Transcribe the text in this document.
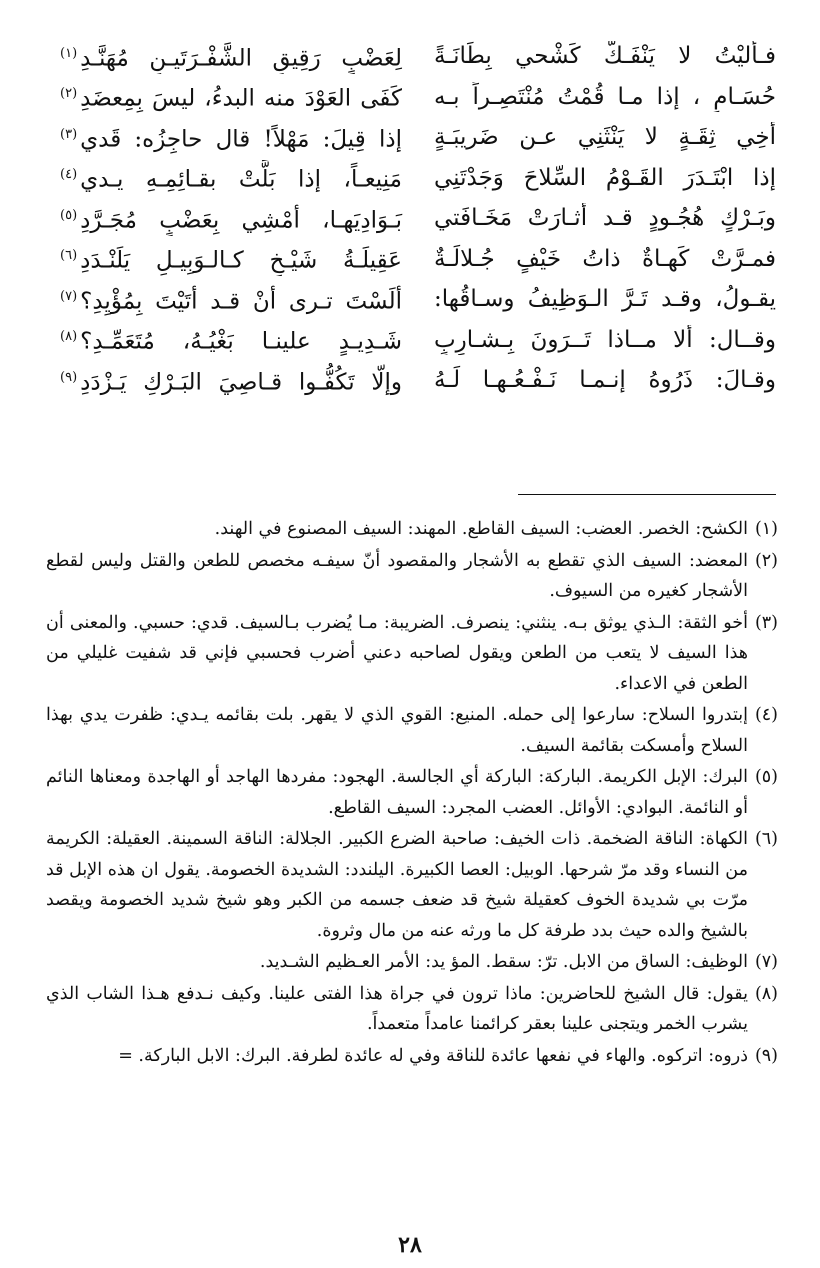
فـأليْتُ لا يَنْفَـكُّ كَشْحي بِطَانَـةً
لِعَضْبٍ رَقِيقِ الشَّفْـرَتَيـنِ مُهَنَّـدِ$^{(١)}$
حُسَـامٍ ، إذا مـا قُمْتُ مُنْتَصِـراً بـه
كَفَى العَوْدَ منه البدءُ، ليسَ بِمِعضَدِ$^{(٢)}$
أخِي ثِقَـةٍ لا يَنْثَنِي عـن ضَريبَـةٍ
إذا قِيلَ: مَهْلاً! قال حاجِزُه: قَدي$^{(٣)}$
إذا ابْتَـدَرَ القَـوْمُ السِّلاحَ وَجَدْتَنِي
مَنِيعـاً، إذا بَلَّتْ بقـائِمِـهِ يـدي$^{(٤)}$
وبَـرْكٍ هُجُـودٍ قـد أثـارَتْ مَخَـافَتي
بَـوَادِيَهـا، أمْشِي بِعَضْبٍ مُجَـرَّدِ$^{(٥)}$
فمـرَّتْ كَهـاةٌ ذاتُ خَيْفٍ جُـلالَـةٌ
عَقِيلَـةُ شَيْـخٍ كـالـوَبِيـلِ يَلَنْـدَدِ$^{(٦)}$
يقـولُ، وقـد تَـرَّ الـوَظِيفُ وسـاقُها:
ألَسْتَ تـرى أنْ قـد أتَيْتَ بِمُؤْيِدِ؟$^{(٧)}$
وقــال: ألا مــاذا تَــرَونَ بِـشـارِبٍ
شَـدِيـدٍ علينـا بَغْيُـهُ، مُتَعَمِّـدِ؟$^{(٨)}$
وقـالَ: ذَرُوهُ إنـمـا نَـفْـعُـهـا لَـهُ
وإلّا تَكُفُّـوا قـاصِيَ البَـرْكِ يَـزْدَدِ$^{(٩)}$

(١)الكشح: الخصر. العضب: السيف القاطع. المهند: السيف المصنوع في الهند.

(٢)المعضد: السيف الذي تقطع به الأشجار والمقصود أنّ سيفـه مخصص للطعن والقتل وليس لقطع الأشجار كغيره من السيوف.

(٣)أخو الثقة: الـذي يوثق بـه. ينثني: ينصرف. الضريبة: مـا يُضرب بـالسيف. قدي: حسبي. والمعنى أن هذا السيف لا يتعب من الطعن ويقول لصاحبه دعني أضرب فحسبي فإني قد شفيت غليلي من الطعن في الاعداء.

(٤)إبتدروا السلاح: سارعوا إلى حمله. المنيع: القوي الذي لا يقهر. بلت بقائمه يـدي: ظفرت يدي بهذا السلاح وأمسكت بقائمة السيف.

(٥)البرك: الإبل الكريمة. الباركة: الباركة أي الجالسة. الهجود: مفردها الهاجد أو الهاجدة ومعناها النائم أو النائمة. البوادي: الأوائل. العضب المجرد: السيف القاطع.

(٦)الكهاة: الناقة الضخمة. ذات الخيف: صاحبة الضرع الكبير. الجلالة: الناقة السمينة. العقيلة: الكريمة من النساء وقد مرّ شرحها. الوبيل: العصا الكبيرة. اليلندد: الشديدة الخصومة. يقول ان هذه الإبل قد مرّت بي شديدة الخوف كعقيلة شيخ قد ضعف جسمه من الكبر وهو شيخ شديد الخصومة ويقصد بالشيخ والده حيث بدد طرفة كل ما ورثه عنه من مال وثروة.

(٧)الوظيف: الساق من الابل. ترّ: سقط. المؤ يد: الأمر العـظيم الشـديد.

(٨)يقول: قال الشيخ للحاضرين: ماذا ترون في جراة هذا الفتى علينا. وكيف نـدفع هـذا الشاب الذي يشرب الخمر ويتجنى علينا بعقر كرائمنا عامداً متعمداً.

(٩)ذروه: اتركوه. والهاء في نفعها عائدة للناقة وفي له عائدة لطرفة. البرك: الابل الباركة. =

٢٨
